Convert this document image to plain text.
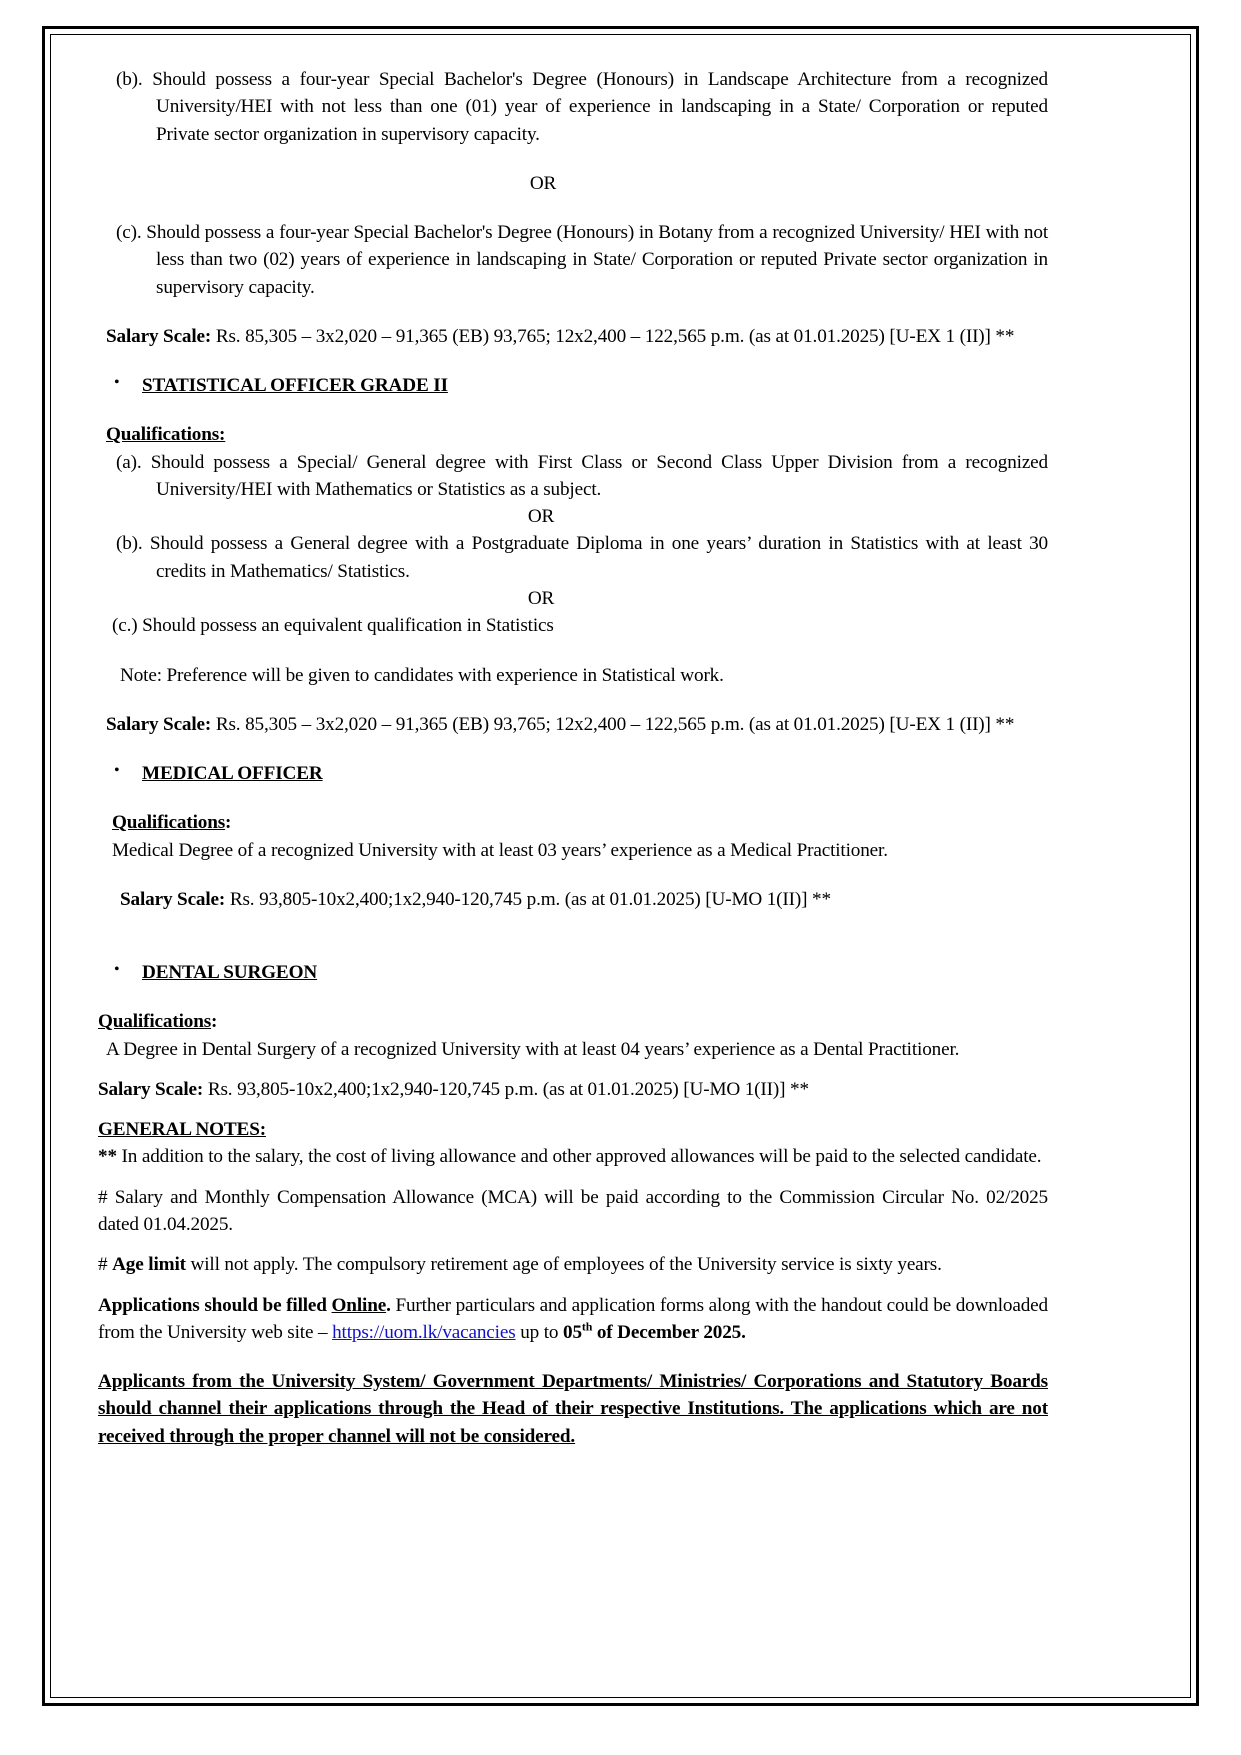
(b). Should possess a four-year Special Bachelor's Degree (Honours) in Landscape Architecture from a recognized University/HEI with not less than one (01) year of experience in landscaping in a State/ Corporation or reputed Private sector organization in supervisory capacity.

OR

(c). Should possess a four-year Special Bachelor's Degree (Honours) in Botany from a recognized University/ HEI with not less than two (02) years of experience in landscaping in State/ Corporation or reputed Private sector organization in supervisory capacity.

Salary Scale: Rs. 85,305 – 3x2,020 – 91,365 (EB) 93,765; 12x2,400 – 122,565 p.m. (as at 01.01.2025) [U-EX 1 (II)] **

• STATISTICAL OFFICER GRADE II

Qualifications:

(a). Should possess a Special/ General degree with First Class or Second Class Upper Division from a recognized University/HEI with Mathematics or Statistics as a subject.

OR

(b). Should possess a General degree with a Postgraduate Diploma in one years’ duration in Statistics with at least 30 credits in Mathematics/ Statistics.

OR

(c.) Should possess an equivalent qualification in Statistics

Note: Preference will be given to candidates with experience in Statistical work.

Salary Scale: Rs. 85,305 – 3x2,020 – 91,365 (EB) 93,765; 12x2,400 – 122,565 p.m. (as at 01.01.2025) [U-EX 1 (II)] **

• MEDICAL OFFICER

Qualifications:

Medical Degree of a recognized University with at least 03 years’ experience as a Medical Practitioner.

Salary Scale: Rs. 93,805-10x2,400;1x2,940-120,745 p.m. (as at 01.01.2025) [U-MO 1(II)] **

• DENTAL SURGEON

Qualifications:

A Degree in Dental Surgery of a recognized University with at least 04 years’ experience as a Dental Practitioner.

Salary Scale: Rs. 93,805-10x2,400;1x2,940-120,745 p.m. (as at 01.01.2025) [U-MO 1(II)] **

GENERAL NOTES:

** In addition to the salary, the cost of living allowance and other approved allowances will be paid to the selected candidate.

# Salary and Monthly Compensation Allowance (MCA) will be paid according to the Commission Circular No. 02/2025 dated 01.04.2025.

# Age limit will not apply. The compulsory retirement age of employees of the University service is sixty years.

Applications should be filled Online. Further particulars and application forms along with the handout could be downloaded from the University web site – https://uom.lk/vacancies up to 05th of December 2025.

Applicants from the University System/ Government Departments/ Ministries/ Corporations and Statutory Boards should channel their applications through the Head of their respective Institutions. The applications which are not received through the proper channel will not be considered.
